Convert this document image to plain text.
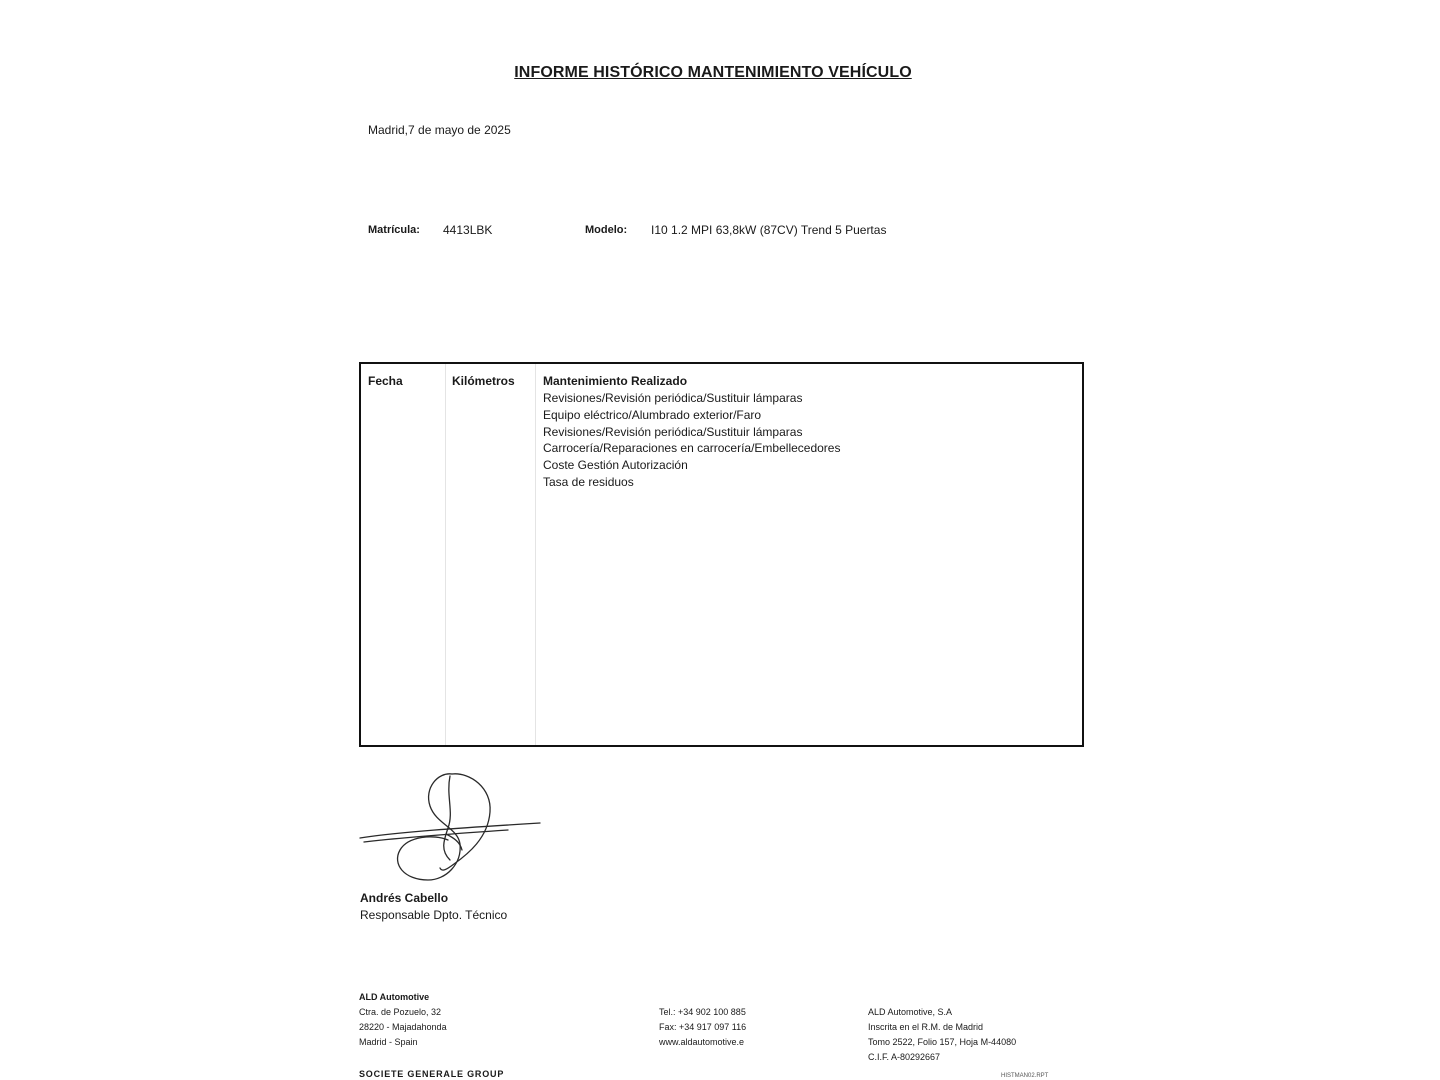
INFORME HISTÓRICO MANTENIMIENTO VEHÍCULO
Madrid,7 de mayo de 2025
Matrícula: 4413LBK	Modelo: I10 1.2 MPI 63,8kW (87CV) Trend 5 Puertas
Fecha	Kilómetros Mantenimiento Realizado
Revisiones/Revisión periódica/Sustituir lámparas
Equipo eléctrico/Alumbrado exterior/Faro
Revisiones/Revisión periódica/Sustituir lámparas
Carrocería/Reparaciones en carrocería/Embellecedores
Coste Gestión Autorización
Tasa de residuos
Andrés Cabello
Responsable Dpto. Técnico
ALD Automotive
Ctra. de Pozuelo, 32
28220 - Majadahonda
Madrid - Spain
Tel.: +34 902 100 885
Fax: +34 917 097 116
www.aldautomotive.e
ALD Automotive, S.A
Inscrita en el R.M. de Madrid
Tomo 2522, Folio 157, Hoja M-44080
C.I.F. A-80292667
SOCIETE GENERALE GROUP	HISTMAN02.RPT
